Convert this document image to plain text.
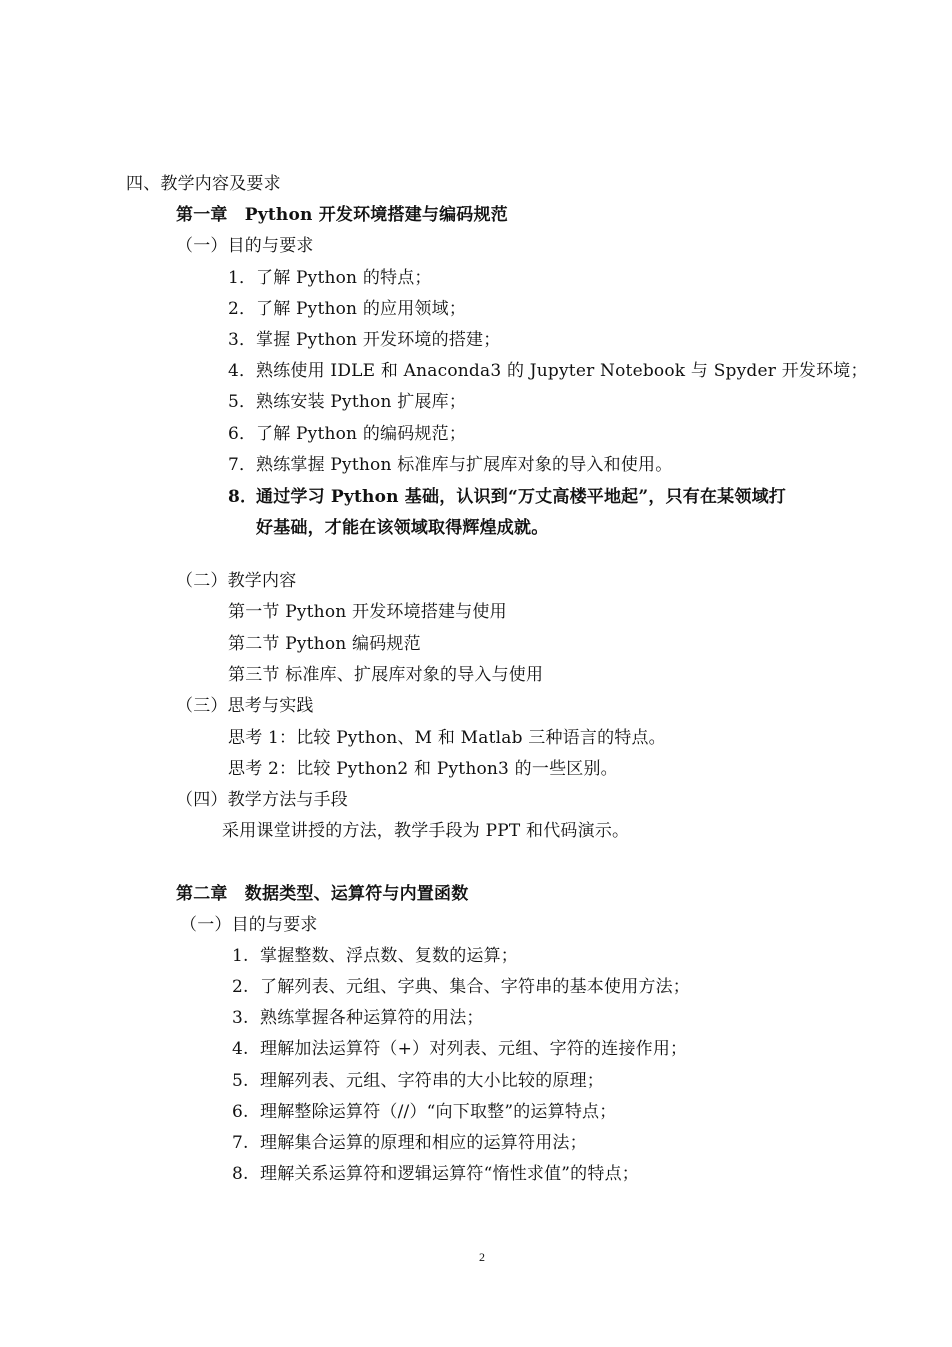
四、教学内容及要求
第一章　Python 开发环境搭建与编码规范
（一）目的与要求
1．了解 Python 的特点；
2．了解 Python 的应用领域；
3．掌握 Python 开发环境的搭建；
4．熟练使用 IDLE 和 Anaconda3 的 Jupyter Notebook 与 Spyder 开发环境；
5．熟练安装 Python 扩展库；
6．了解 Python 的编码规范；
7．熟练掌握 Python 标准库与扩展库对象的导入和使用。
8．通过学习 Python 基础，认识到“万丈高楼平地起”，只有在某领域打
好基础，才能在该领域取得辉煌成就。
（二）教学内容
第一节 Python 开发环境搭建与使用
第二节 Python 编码规范
第三节 标准库、扩展库对象的导入与使用
（三）思考与实践
思考 1：比较 Python、M 和 Matlab 三种语言的特点。
思考 2：比较 Python2 和 Python3 的一些区别。
（四）教学方法与手段
采用课堂讲授的方法，教学手段为 PPT 和代码演示。
第二章　数据类型、运算符与内置函数
（一）目的与要求
1. 掌握整数、浮点数、复数的运算；
2. 了解列表、元组、字典、集合、字符串的基本使用方法；
3. 熟练掌握各种运算符的用法；
4. 理解加法运算符（+）对列表、元组、字符的连接作用；
5. 理解列表、元组、字符串的大小比较的原理；
6. 理解整除运算符（//）“向下取整”的运算特点；
7. 理解集合运算的原理和相应的运算符用法；
8. 理解关系运算符和逻辑运算符“惰性求值”的特点；
2
